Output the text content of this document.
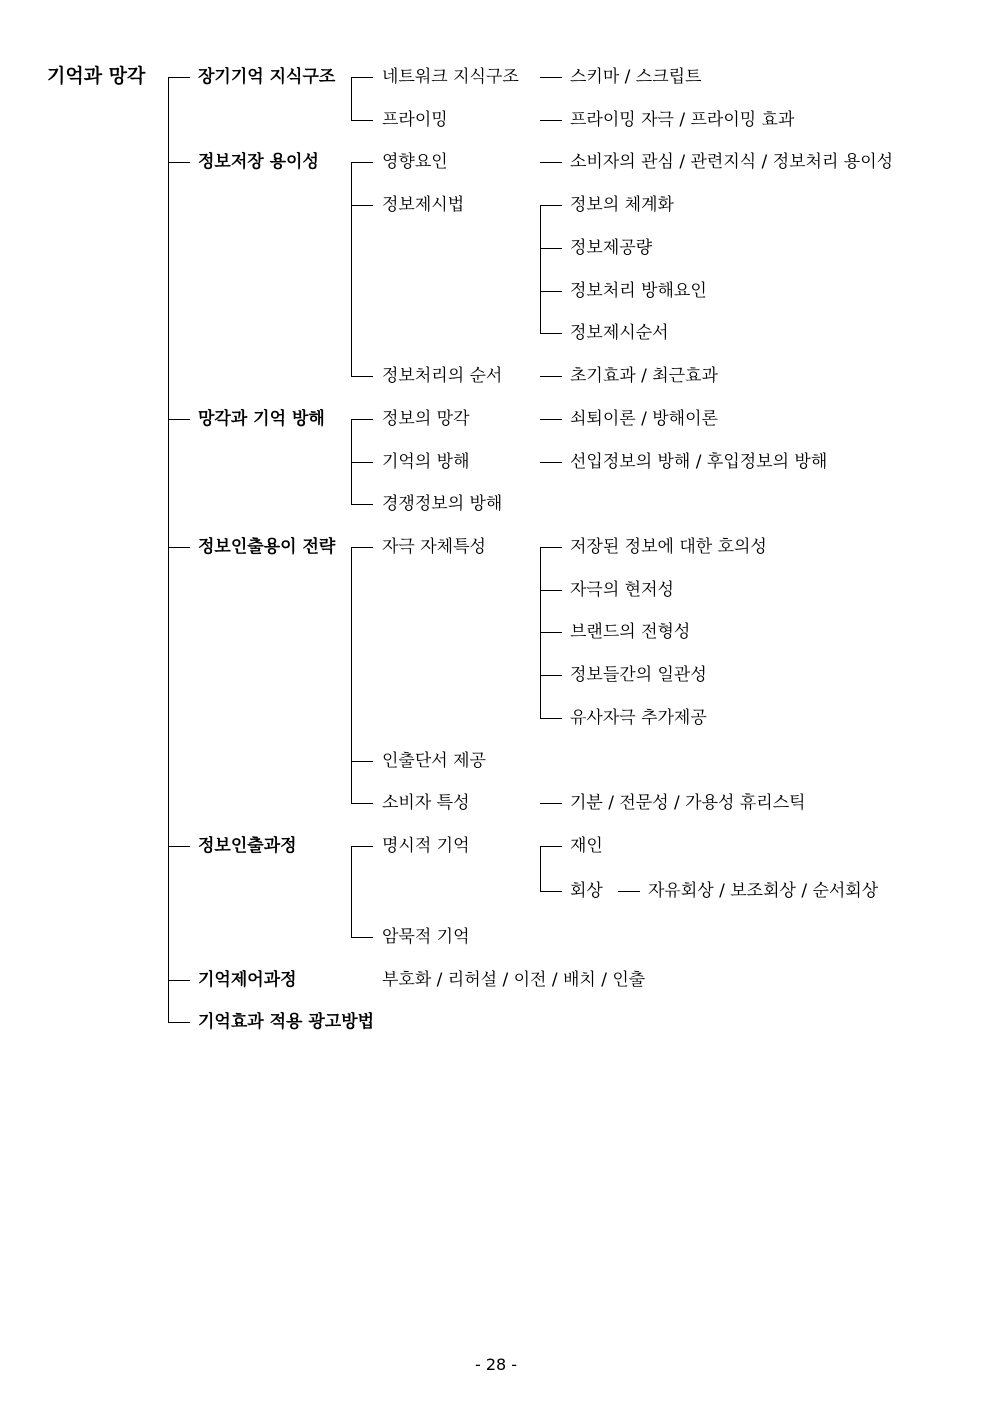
기억과 망각	장기기억 지식구조	네트워크 지식구조	스키마 / 스크립트
프라이밍	프라이밍 자극 / 프라이밍 효과
정보저장 용이성	영향요인	소비자의 관심 / 관련지식 / 정보처리 용이성
정보제시법	정보의 체계화
정보제공량
정보처리 방해요인
정보제시순서
정보처리의 순서	초기효과 / 최근효과
망각과 기억 방해	정보의 망각	쇠퇴이론 / 방해이론
기억의 방해	선입정보의 방해 / 후입정보의 방해
경쟁정보의 방해
정보인출용이 전략	자극 자체특성	저장된 정보에 대한 호의성
자극의 현저성
브랜드의 전형성
정보들간의 일관성
유사자극 추가제공
인출단서 제공
소비자 특성	기분 / 전문성 / 가용성 휴리스틱
정보인출과정	명시적 기억	재인
회상	자유회상 / 보조회상 / 순서회상
암묵적 기억
기억제어과정	부호화 / 리허설 / 이전 / 배치 / 인출
기억효과 적용 광고방법
- 28 -
